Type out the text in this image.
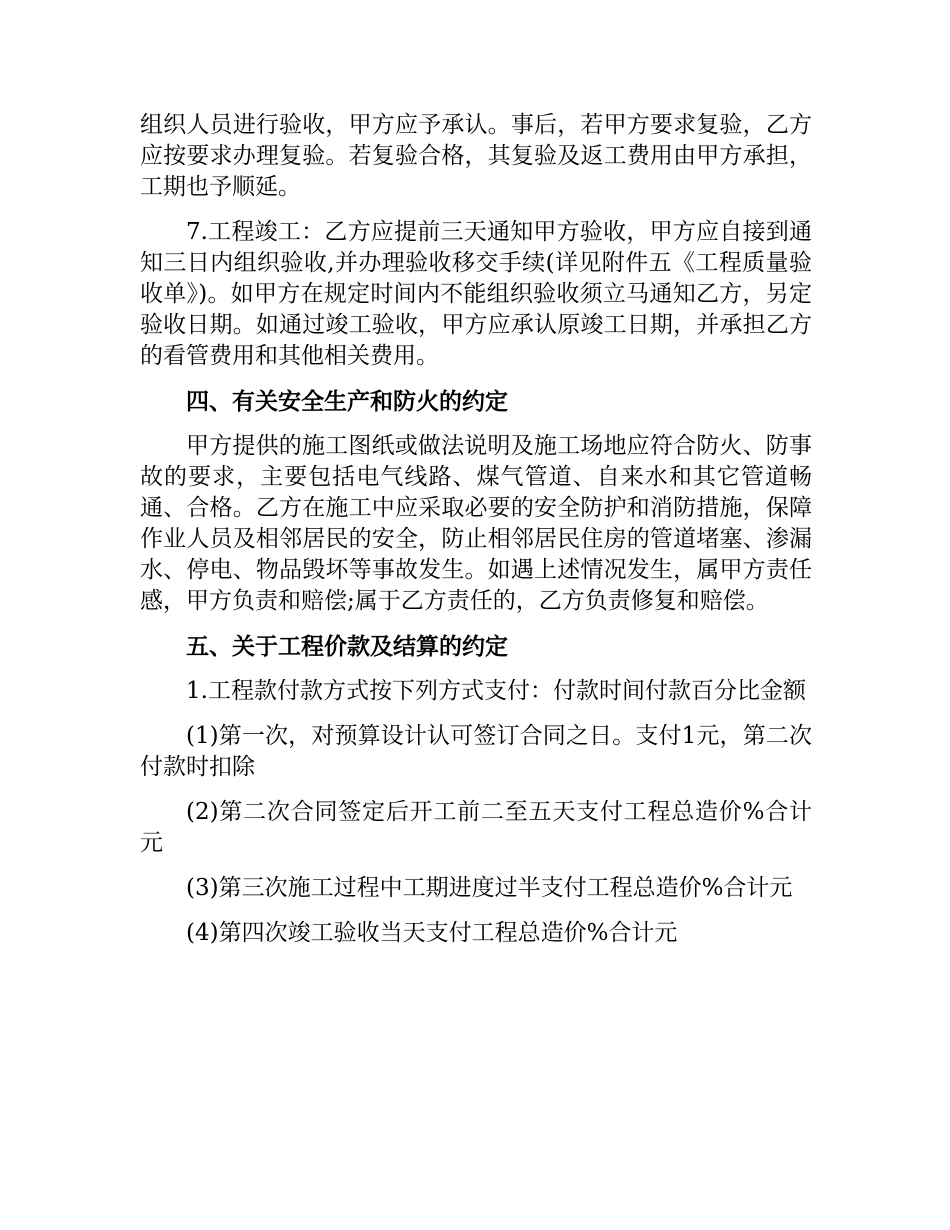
组织人员进行验收，甲方应予承认。事后，若甲方要求复验，乙方应按要求办理复验。若复验合格，其复验及返工费用由甲方承担，工期也予顺延。

7.工程竣工：乙方应提前三天通知甲方验收，甲方应自接到通知三日内组织验收,并办理验收移交手续(详见附件五《工程质量验收单》)。如甲方在规定时间内不能组织验收须立马通知乙方，另定验收日期。如通过竣工验收，甲方应承认原竣工日期，并承担乙方的看管费用和其他相关费用。

四、有关安全生产和防火的约定

甲方提供的施工图纸或做法说明及施工场地应符合防火、防事故的要求，主要包括电气线路、煤气管道、自来水和其它管道畅通、合格。乙方在施工中应采取必要的安全防护和消防措施，保障作业人员及相邻居民的安全，防止相邻居民住房的管道堵塞、渗漏水、停电、物品毁坏等事故发生。如遇上述情况发生，属甲方责任感，甲方负责和赔偿;属于乙方责任的，乙方负责修复和赔偿。

五、关于工程价款及结算的约定

1.工程款付款方式按下列方式支付：付款时间付款百分比金额

(1)第一次，对预算设计认可签订合同之日。支付1元，第二次付款时扣除

(2)第二次合同签定后开工前二至五天支付工程总造价%合计元

(3)第三次施工过程中工期进度过半支付工程总造价%合计元

(4)第四次竣工验收当天支付工程总造价%合计元
